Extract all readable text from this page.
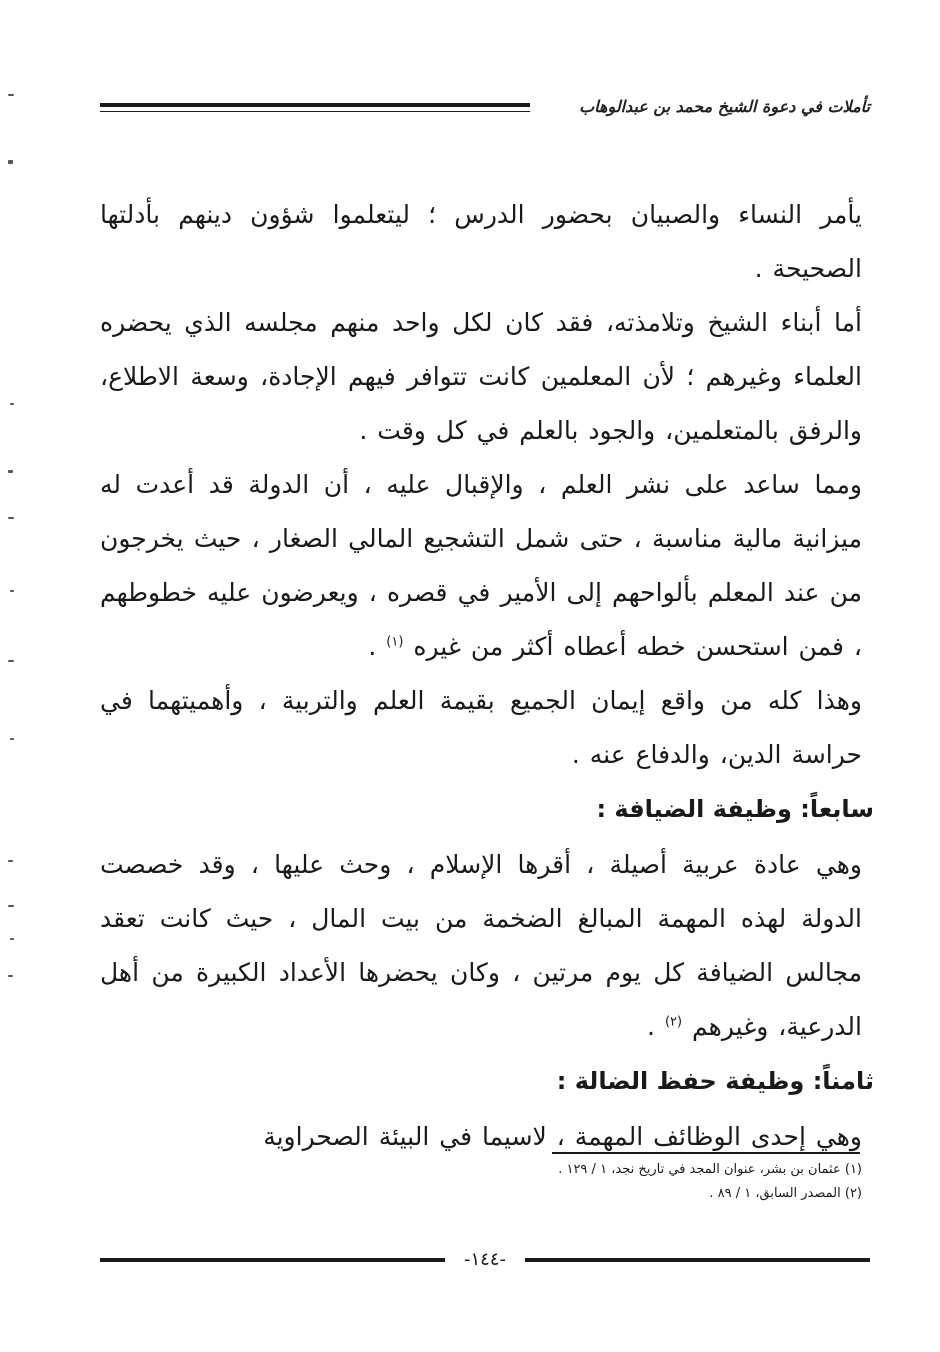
تأملات في دعوة الشيخ محمد بن عبدالوهاب

يأمر النساء والصبيان بحضور الدرس ؛ ليتعلموا شؤون دينهم بأدلتها الصحيحة .

أما أبناء الشيخ وتلامذته، فقد كان لكل واحد منهم مجلسه الذي يحضره العلماء وغيرهم ؛ لأن المعلمين كانت تتوافر فيهم الإجادة، وسعة الاطلاع، والرفق بالمتعلمين، والجود بالعلم في كل وقت .

ومما ساعد على نشر العلم ، والإقبال عليه ، أن الدولة قد أعدت له ميزانية مالية مناسبة ، حتى شمل التشجيع المالي الصغار ، حيث يخرجون من عند المعلم بألواحهم إلى الأمير في قصره ، ويعرضون عليه خطوطهم ، فمن استحسن خطه أعطاه أكثر من غيره $^{(١)}$ .

وهذا كله من واقع إيمان الجميع بقيمة العلم والتربية ، وأهميتهما في حراسة الدين، والدفاع عنه .

سابعاً: وظيفة الضيافة :

وهي عادة عربية أصيلة ، أقرها الإسلام ، وحث عليها ، وقد خصصت الدولة لهذه المهمة المبالغ الضخمة من بيت المال ، حيث كانت تعقد مجالس الضيافة كل يوم مرتين ، وكان يحضرها الأعداد الكبيرة من أهل الدرعية، وغيرهم $^{(٢)}$ .

ثامناً: وظيفة حفظ الضالة :

وهي إحدى الوظائف المهمة ، لاسيما في البيئة الصحراوية

(١) عثمان بن بشر، عنوان المجد في تاريخ نجد، ١ / ١٢٩ .
(٢) المصدر السابق، ١ / ٨٩ .
-١٤٤-
